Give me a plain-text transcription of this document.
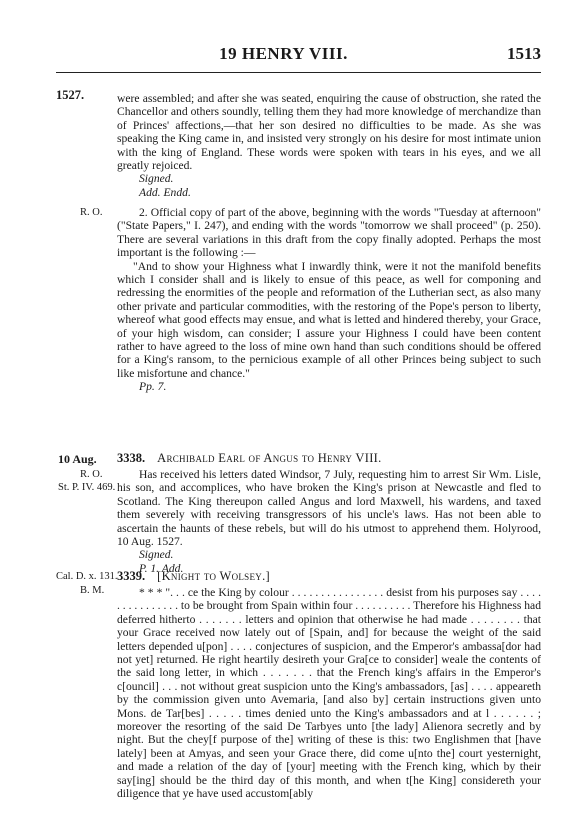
19 HENRY VIII.	1513
1527.
R. O.
10 Aug.
R. O.
St. P. IV. 469.
Cal. D. x. 131.
B. M.

were assembled; and after she was seated, enquiring the cause of obstruction, she rated the Chancellor and others soundly, telling them they had more knowledge of merchandize than of Princes' affections,—that her son desired no difficulties to be made. As she was speaking the King came in, and insisted very strongly on his desire for most intimate union with the king of England. These words were spoken with tears in his eyes, and we all greatly rejoiced.

Signed.

Add. Endd.

2. Official copy of part of the above, beginning with the words "Tuesday at afternoon" ("State Papers," I. 247), and ending with the words "tomorrow we shall proceed" (p. 250). There are several variations in this draft from the copy finally adopted. Perhaps the most important is the following :—

"And to show your Highness what I inwardly think, were it not the manifold benefits which I consider shall and is likely to ensue of this peace, as well for componing and redressing the enormities of the people and reformation of the Lutherian sect, as also many other private and particular commodities, with the restoring of the Pope's person to liberty, whereof what good effects may ensue, and what is letted and hindered thereby, your Grace, of your high wisdom, can consider; I assure your Highness I could have been content rather to have agreed to the loss of mine own hand than such conditions should be offered for a King's ransom, to the pernicious example of all other Princes being subject to such like misfortune and chance."

Pp. 7.

3338. Archibald Earl of Angus to Henry VIII.

Has received his letters dated Windsor, 7 July, requesting him to arrest Sir Wm. Lisle, his son, and accomplices, who have broken the King's prison at Newcastle and fled to Scotland. The King thereupon called Angus and lord Maxwell, his wardens, and taxed them severely with receiving transgressors of his uncle's laws. Has not been able to ascertain the haunts of these rebels, but will do his utmost to apprehend them. Holyrood, 10 Aug. 1527.

Signed.

P. 1. Add.

3339. [Knight to Wolsey.]

* * * ". . . ce the King by colour . . . . . . . . . . . . . . . . desist from his purposes say . . . . . . . . . . . . . . . to be brought from Spain within four . . . . . . . . . . Therefore his Highness had deferred hitherto . . . . . . . letters and opinion that otherwise he had made . . . . . . . . that your Grace received now lately out of [Spain, and] for because the weight of the said letters depended u[pon] . . . . conjectures of suspicion, and the Emperor's ambassa[dor had not yet] returned. He right heartily desireth your Gra[ce to consider] weale the contents of the said long letter, in which . . . . . . . that the French king's affairs in the Emperor's c[ouncil] . . . not without great suspicion unto the King's ambassadors, [as] . . . . appeareth by the commission given unto Avemaria, [and also by] certain instructions given unto Mons. de Tar[bes] . . . . . times denied unto the King's ambassadors and at l . . . . . . ; moreover the resorting of the said De Tarbyes unto [the lady] Alienora secretly and by night. But the chey[f purpose of the] writing of these is this: two Englishmen that [have lately] been at Amyas, and seen your Grace there, did come u[nto the] court yesternight, and made a relation of the day of [your] meeting with the French king, which by their say[ing] should be the third day of this month, and when t[he King] considereth your diligence that ye have used accustom[ably
